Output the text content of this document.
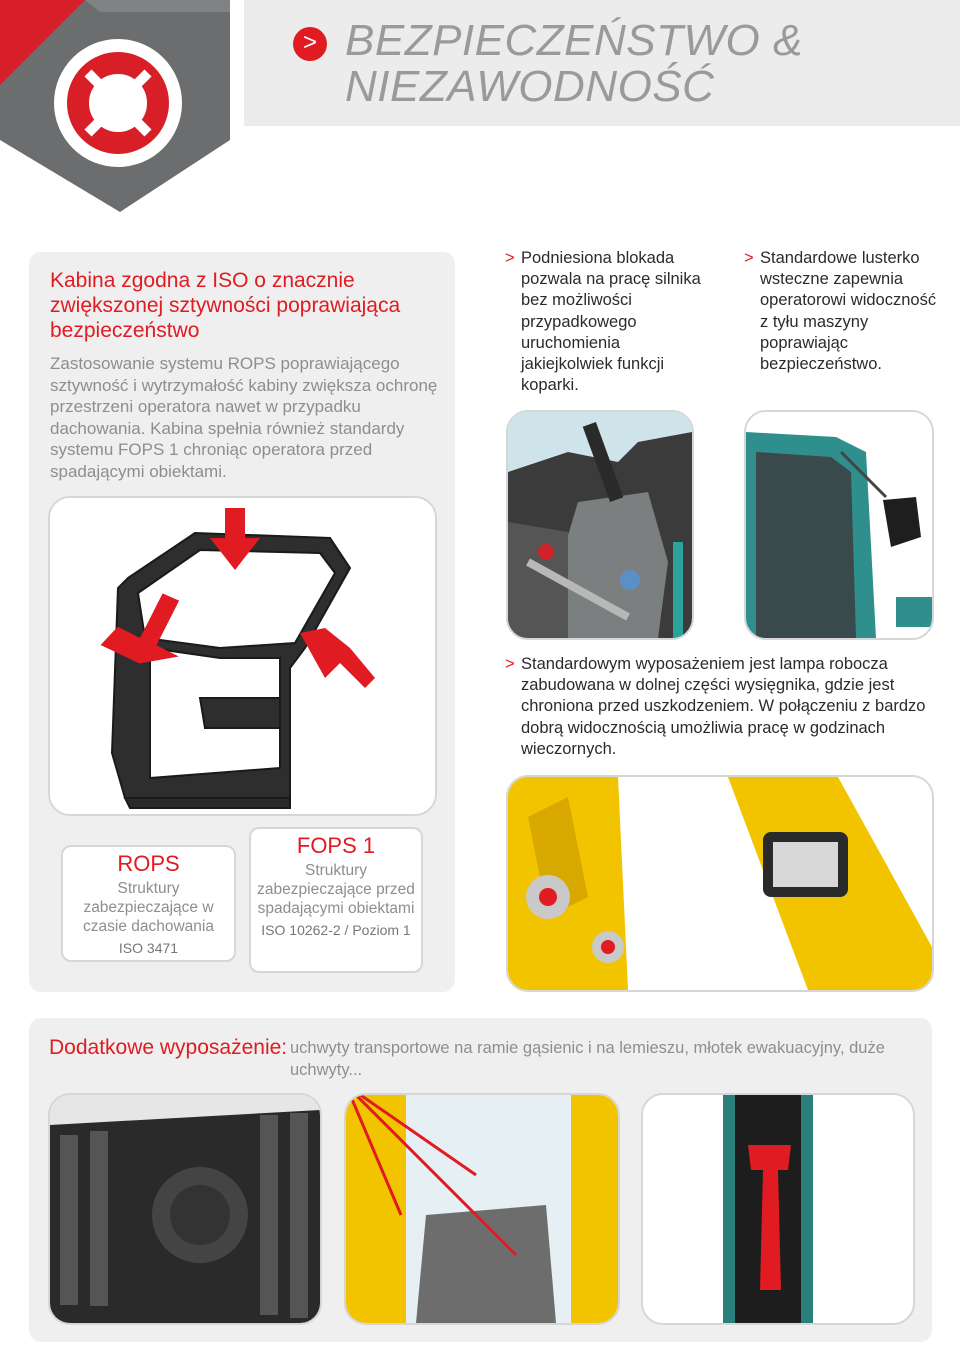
> BEZPIECZEŃSTWO &
NIEZAWODNOŚĆ
Kabina zgodna z ISO o znacznie zwiększonej sztywności poprawiająca bezpieczeństwo
Zastosowanie systemu ROPS poprawiającego sztywność i wytrzymałość kabiny zwiększa ochronę przestrzeni operatora nawet w przypadku dachowania. Kabina spełnia również standardy systemu FOPS 1 chroniąc operatora przed spadającymi obiektami.
ROPS
Struktury zabezpieczające w czasie dachowania
ISO 3471
FOPS 1
Struktury zabezpieczające przed spadającymi obiektami
ISO 10262-2 / Poziom 1
> Podniesiona blokada pozwala na pracę silnika bez możliwości przypadkowego uruchomienia jakiejkolwiek funkcji koparki.
> Standardowe lusterko wsteczne zapewnia operatorowi widoczność z tyłu maszyny poprawiając bezpieczeństwo.
> Standardowym wyposażeniem jest lampa robocza zabudowana w dolnej części wysięgnika, gdzie jest chroniona przed uszkodzeniem. W połączeniu z bardzo dobrą widocznością umożliwia pracę w godzinach wieczornych.
Dodatkowe wyposażenie: uchwyty transportowe na ramie gąsienic i na lemieszu, młotek ewakuacyjny, duże uchwyty...
